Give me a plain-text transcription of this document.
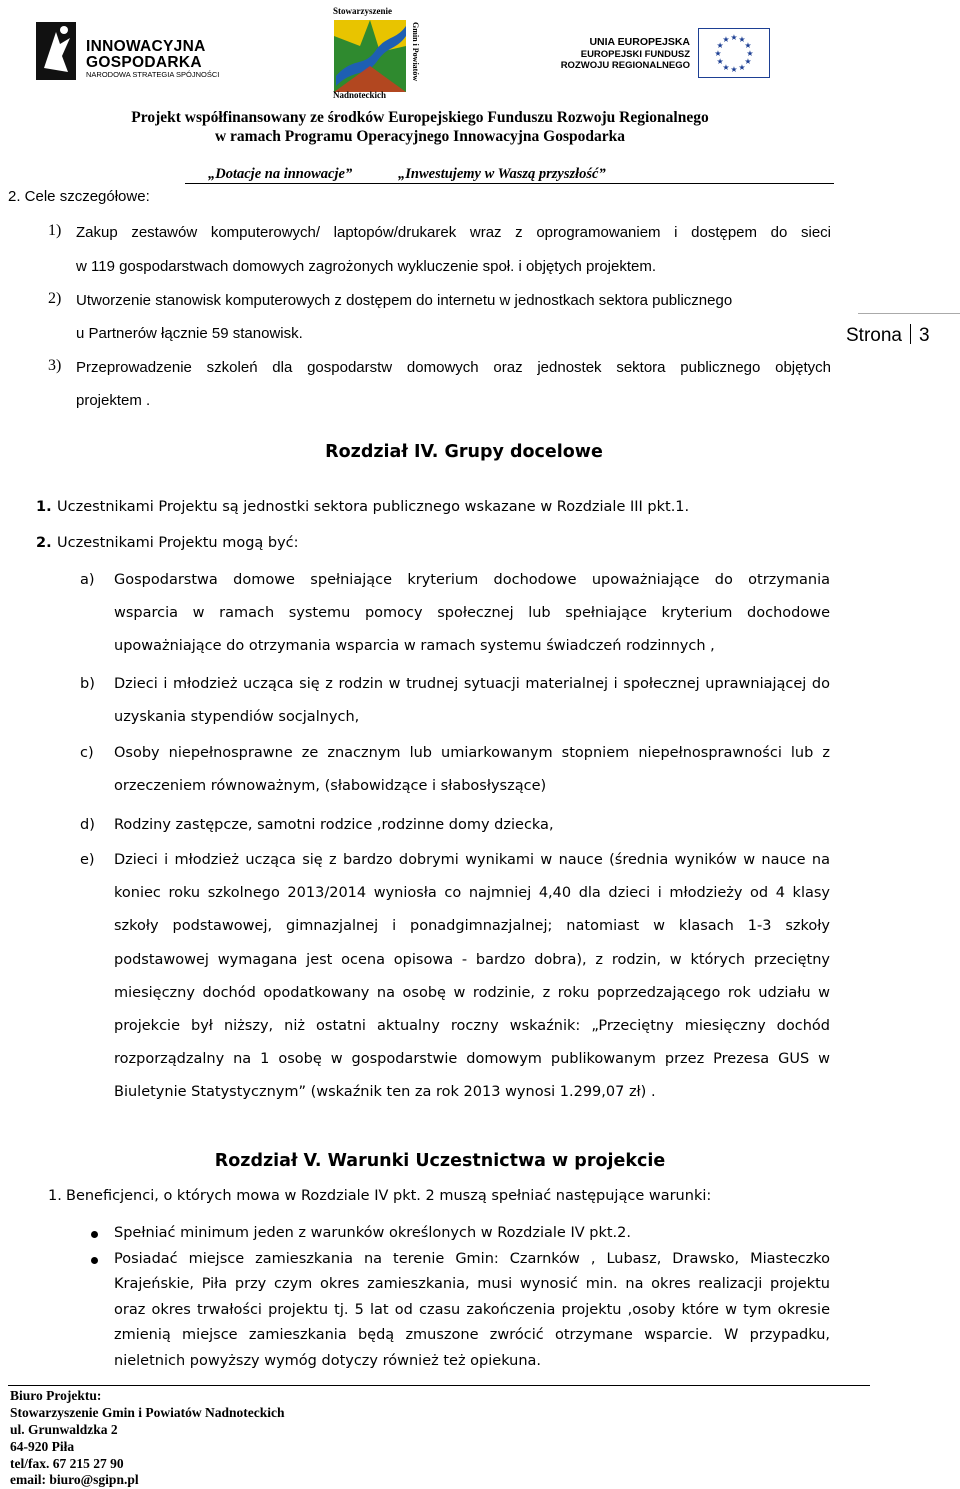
INNOWACYJNA
GOSPODARKA
NARODOWA STRATEGIA SPÓJNOŚCI
Stowarzyszenie
Nadnoteckich
Gmin i Powiatów	UNIA EUROPEJSKA
EUROPEJSKI FUNDUSZ
ROZWOJU REGIONALNEGO
★ ★
★
★
★
★
★
★
★
★
★
★
Projekt współfinansowany ze środków Europejskiego Funduszu Rozwoju Regionalnego
w ramach Programu Operacyjnego Innowacyjna Gospodarka
„Dotacje na innowacje”	„Inwestujemy w Waszą przyszłość”
Strona 3
2. Cele szczegółowe:
1) Zakup zestawów komputerowych/ laptopów/drukarek wraz z oprogramowaniem i dostępem do sieci
w 119 gospodarstwach domowych zagrożonych wykluczenie społ. i objętych projektem.
2) Utworzenie stanowisk komputerowych z dostępem do internetu w jednostkach sektora publicznego
u Partnerów łącznie 59 stanowisk.
3) Przeprowadzenie szkoleń dla gospodarstw domowych oraz jednostek sektora publicznego objętych
projektem .
Rozdział IV. Grupy docelowe
1. Uczestnikami Projektu są jednostki sektora publicznego wskazane w Rozdziale III pkt.1.
2. Uczestnikami Projektu mogą być:
a) Gospodarstwa domowe spełniające kryterium dochodowe upoważniające do otrzymania
wsparcia w ramach systemu pomocy społecznej lub spełniające kryterium dochodowe
upoważniające do otrzymania wsparcia w ramach systemu świadczeń rodzinnych ,
b) Dzieci i młodzież ucząca się z rodzin w trudnej sytuacji materialnej i społecznej uprawniającej do
uzyskania stypendiów socjalnych,
c) Osoby niepełnosprawne ze znacznym lub umiarkowanym stopniem niepełnosprawności lub z
orzeczeniem równoważnym, (słabowidzące i słabosłyszące)
d) Rodziny zastępcze, samotni rodzice ,rodzinne domy dziecka,
e) Dzieci i młodzież ucząca się z bardzo dobrymi wynikami w nauce (średnia wyników w nauce na
koniec roku szkolnego 2013/2014 wyniosła co najmniej 4,40 dla dzieci i młodzieży od 4 klasy
szkoły podstawowej, gimnazjalnej i ponadgimnazjalnej; natomiast w klasach 1-3 szkoły
podstawowej wymagana jest ocena opisowa - bardzo dobra), z rodzin, w których przeciętny
miesięczny dochód opodatkowany na osobę w rodzinie, z roku poprzedzającego rok udziału w
projekcie był niższy, niż ostatni aktualny roczny wskaźnik: „Przeciętny miesięczny dochód
rozporządzalny na 1 osobę w gospodarstwie domowym publikowanym przez Prezesa GUS w
Biuletynie Statystycznym” (wskaźnik ten za rok 2013 wynosi 1.299,07 zł) .
Rozdział V. Warunki Uczestnictwa w projekcie
1. Beneficjenci, o których mowa w Rozdziale IV pkt. 2 muszą spełniać następujące warunki:
Spełniać minimum jeden z warunków określonych w Rozdziale IV pkt.2.
Posiadać miejsce zamieszkania na terenie Gmin: Czarnków , Lubasz, Drawsko, Miasteczko
Krajeńskie, Piła przy czym okres zamieszkania, musi wynosić min. na okres realizacji projektu
oraz okres trwałości projektu tj. 5 lat od czasu zakończenia projektu ,osoby które w tym okresie
zmienią miejsce zamieszkania będą zmuszone zwrócić otrzymane wsparcie. W przypadku,
nieletnich powyższy wymóg dotyczy również też opiekuna.
Biuro Projektu:
Stowarzyszenie Gmin i Powiatów Nadnoteckich
ul. Grunwaldzka 2
64-920 Piła
tel/fax. 67 215 27 90
email: biuro@sgipn.pl
